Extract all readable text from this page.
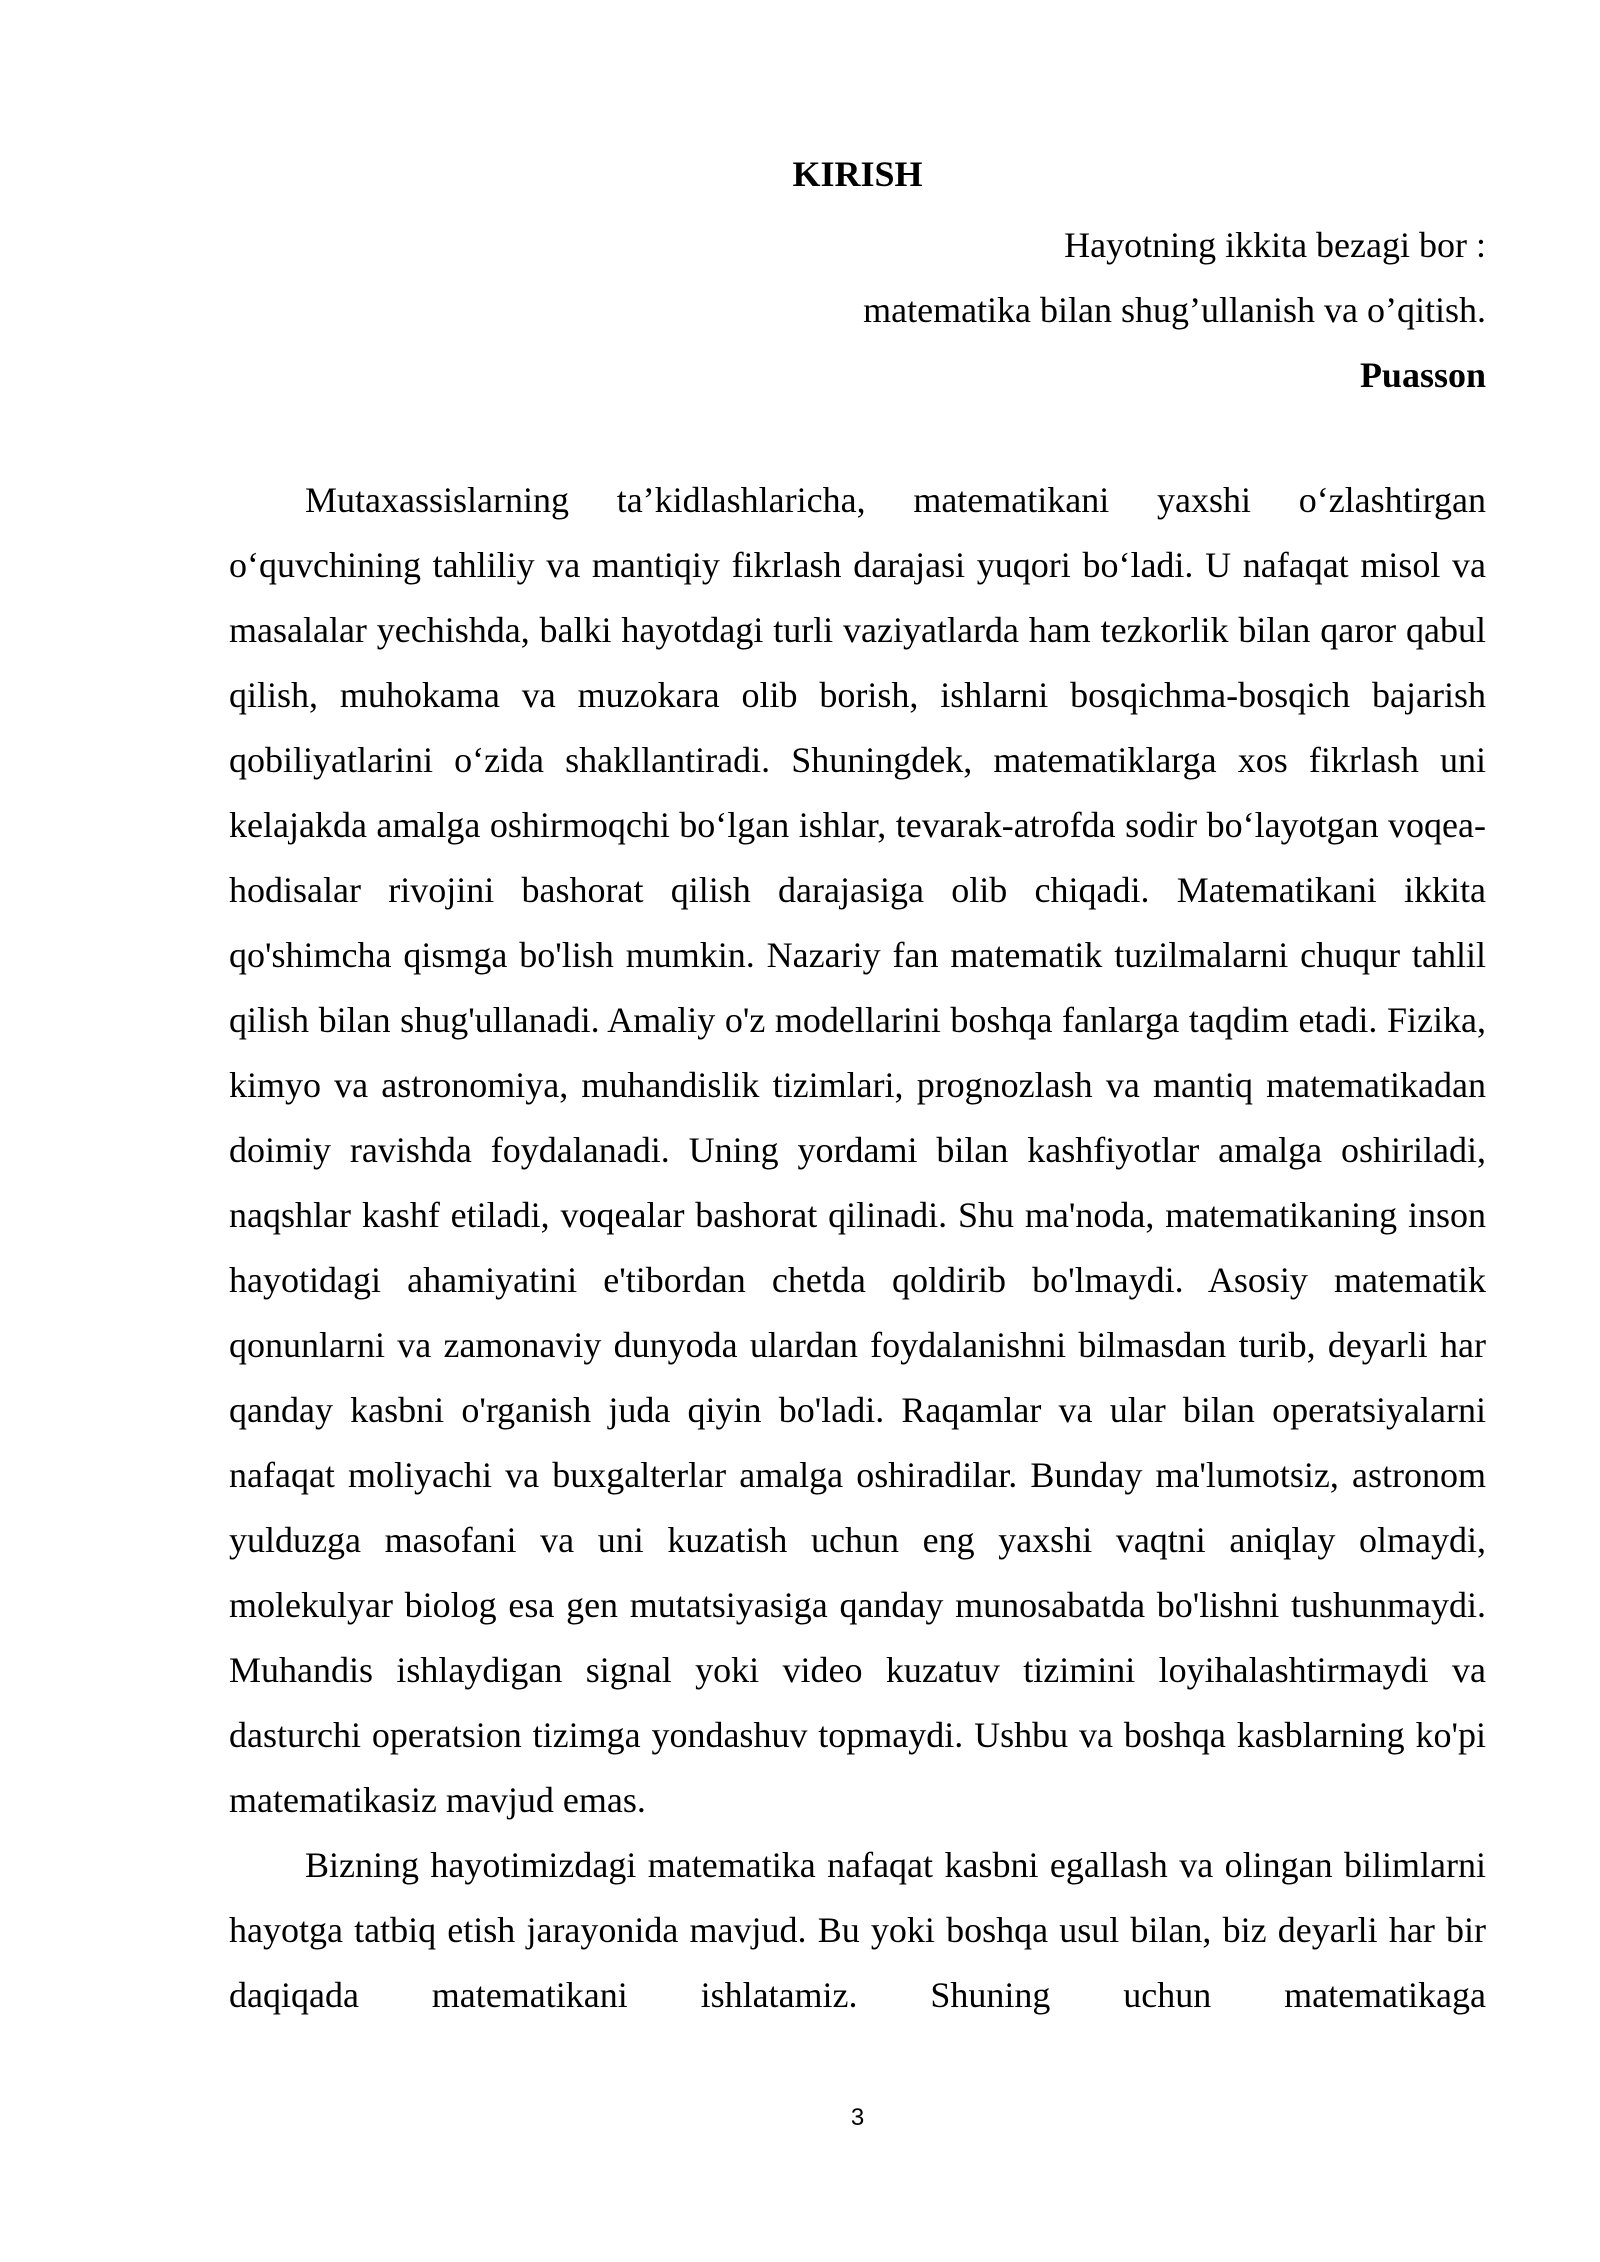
KIRISH
Hayotning ikkita bezagi bor :
matematika bilan shug’ullanish va o’qitish.
Puasson

Mutaxassislarning ta’kidlashlaricha, matematikani yaxshi o‘zlashtirgan o‘quvchining tahliliy va mantiqiy fikrlash darajasi yuqori bo‘ladi. U nafaqat misol va masalalar yechishda, balki hayotdagi turli vaziyatlarda ham tezkorlik bilan qaror qabul qilish, muhokama va muzokara olib borish, ishlarni bosqichma-bosqich bajarish qobiliyatlarini o‘zida shakllantiradi. Shuningdek, matematiklarga xos fikrlash uni kelajakda amalga oshirmoqchi bo‘lgan ishlar, tevarak-atrofda sodir bo‘layotgan voqea-hodisalar rivojini bashorat qilish darajasiga olib chiqadi. Matematikani ikkita qo'shimcha qismga bo'lish mumkin. Nazariy fan matematik tuzilmalarni chuqur tahlil qilish bilan shug'ullanadi. Amaliy o'z modellarini boshqa fanlarga taqdim etadi. Fizika, kimyo va astronomiya, muhandislik tizimlari, prognozlash va mantiq matematikadan doimiy ravishda foydalanadi. Uning yordami bilan kashfiyotlar amalga oshiriladi, naqshlar kashf etiladi, voqealar bashorat qilinadi. Shu ma'noda, matematikaning inson hayotidagi ahamiyatini e'tibordan chetda qoldirib bo'lmaydi. Asosiy matematik qonunlarni va zamonaviy dunyoda ulardan foydalanishni bilmasdan turib, deyarli har qanday kasbni o'rganish juda qiyin bo'ladi. Raqamlar va ular bilan operatsiyalarni nafaqat moliyachi va buxgalterlar amalga oshiradilar. Bunday ma'lumotsiz, astronom yulduzga masofani va uni kuzatish uchun eng yaxshi vaqtni aniqlay olmaydi, molekulyar biolog esa gen mutatsiyasiga qanday munosabatda bo'lishni tushunmaydi. Muhandis ishlaydigan signal yoki video kuzatuv tizimini loyihalashtirmaydi va dasturchi operatsion tizimga yondashuv topmaydi. Ushbu va boshqa kasblarning ko'pi matematikasiz mavjud emas.

Bizning hayotimizdagi matematika nafaqat kasbni egallash va olingan bilimlarni hayotga tatbiq etish jarayonida mavjud. Bu yoki boshqa usul bilan, biz deyarli har bir daqiqada matematikani ishlatamiz. Shuning uchun matematikaga

3
